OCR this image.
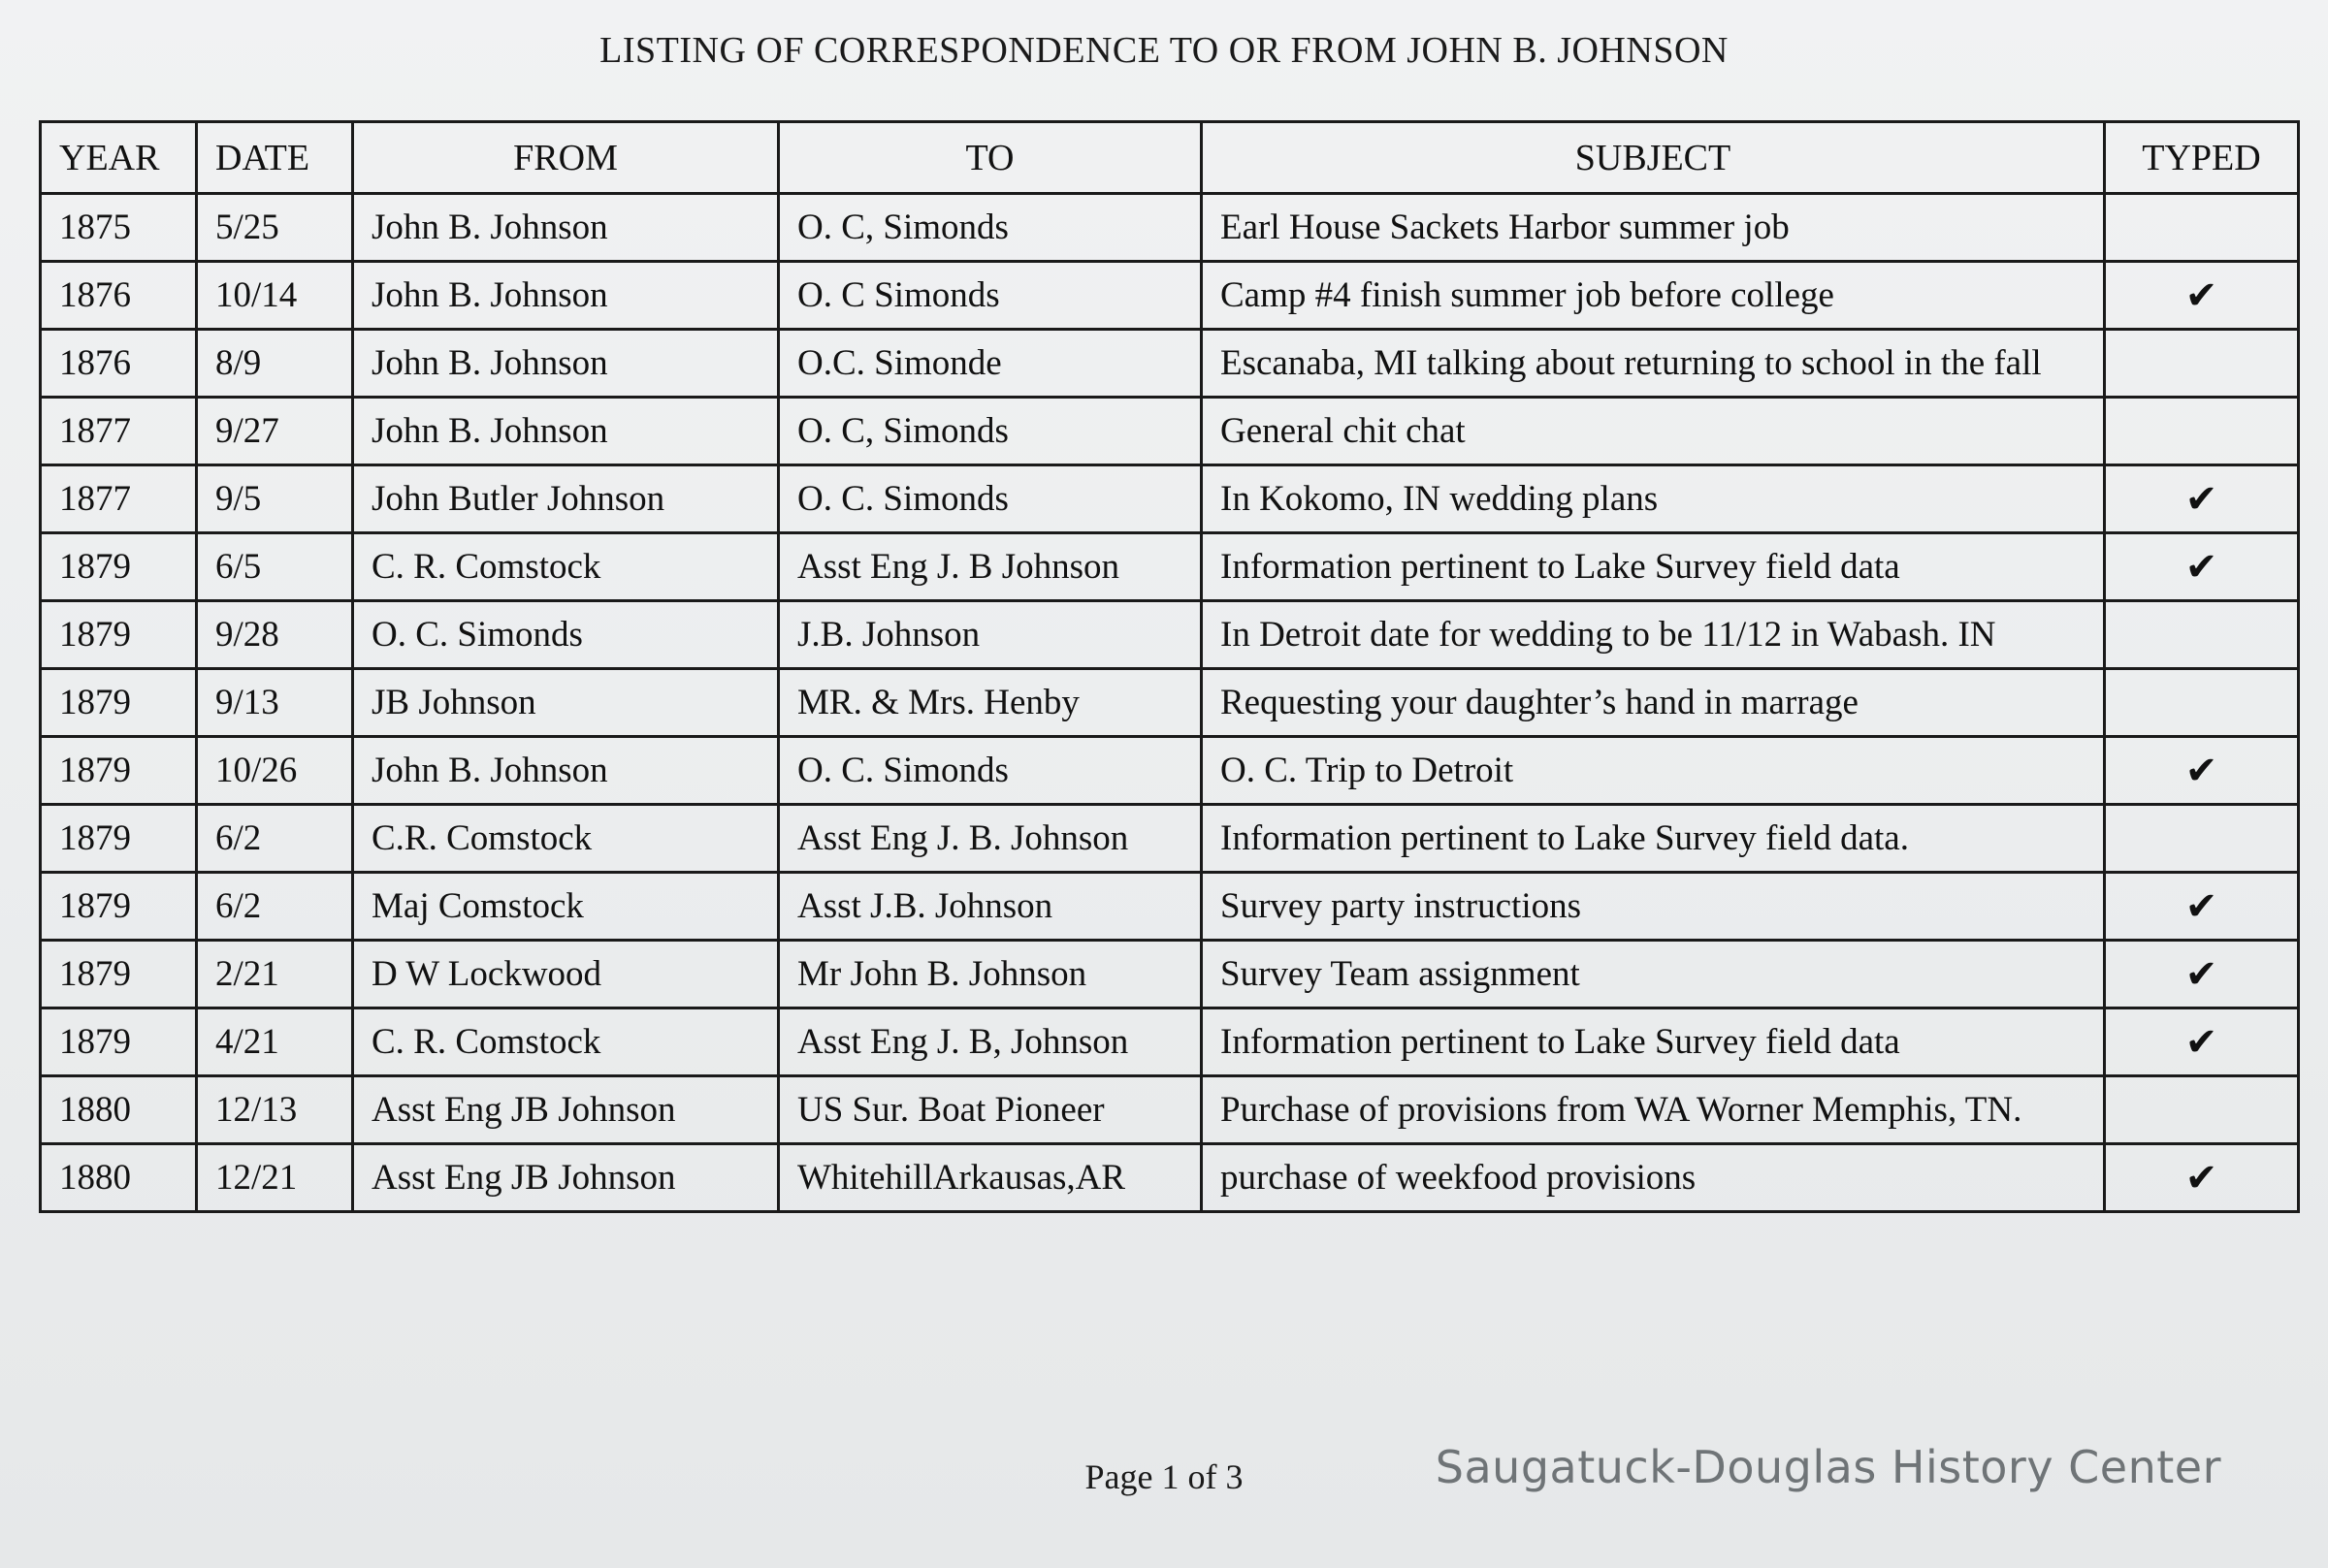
LISTING OF CORRESPONDENCE TO OR FROM JOHN B. JOHNSON
YEAR	DATE	FROM	TO	SUBJECT	TYPED
1875	5/25	John B. Johnson	O. C, Simonds	Earl House Sackets Harbor summer job	
1876	10/14	John B. Johnson	O. C Simonds	Camp #4 finish summer job before college	✔
1876	8/9	John B. Johnson	O.C. Simonde	Escanaba, MI talking about returning to school in the fall	
1877	9/27	John B. Johnson	O. C, Simonds	General chit chat	
1877	9/5	John Butler Johnson	O. C. Simonds	In Kokomo, IN wedding plans	✔
1879	6/5	C. R. Comstock	Asst Eng J. B Johnson	Information pertinent to Lake Survey field data	✔
1879	9/28	O. C. Simonds	J.B. Johnson	In Detroit date for wedding to be 11/12 in Wabash. IN	
1879	9/13	JB Johnson	MR. & Mrs. Henby	Requesting your daughter’s hand in marrage	
1879	10/26	John B. Johnson	O. C. Simonds	O. C. Trip to Detroit	✔
1879	6/2	C.R. Comstock	Asst Eng J. B. Johnson	Information pertinent to Lake Survey field data.	
1879	6/2	Maj Comstock	Asst J.B. Johnson	Survey party instructions	✔
1879	2/21	D W Lockwood	Mr John B. Johnson	Survey Team assignment	✔
1879	4/21	C. R. Comstock	Asst Eng J. B, Johnson	Information pertinent to Lake Survey field data	✔
1880	12/13	Asst Eng JB Johnson	US Sur. Boat Pioneer	Purchase of provisions from WA Worner Memphis, TN.	
1880	12/21	Asst Eng JB Johnson	WhitehillArkausas,AR	purchase of weekfood provisions	✔
Page 1 of 3	Saugatuck-Douglas History Center
